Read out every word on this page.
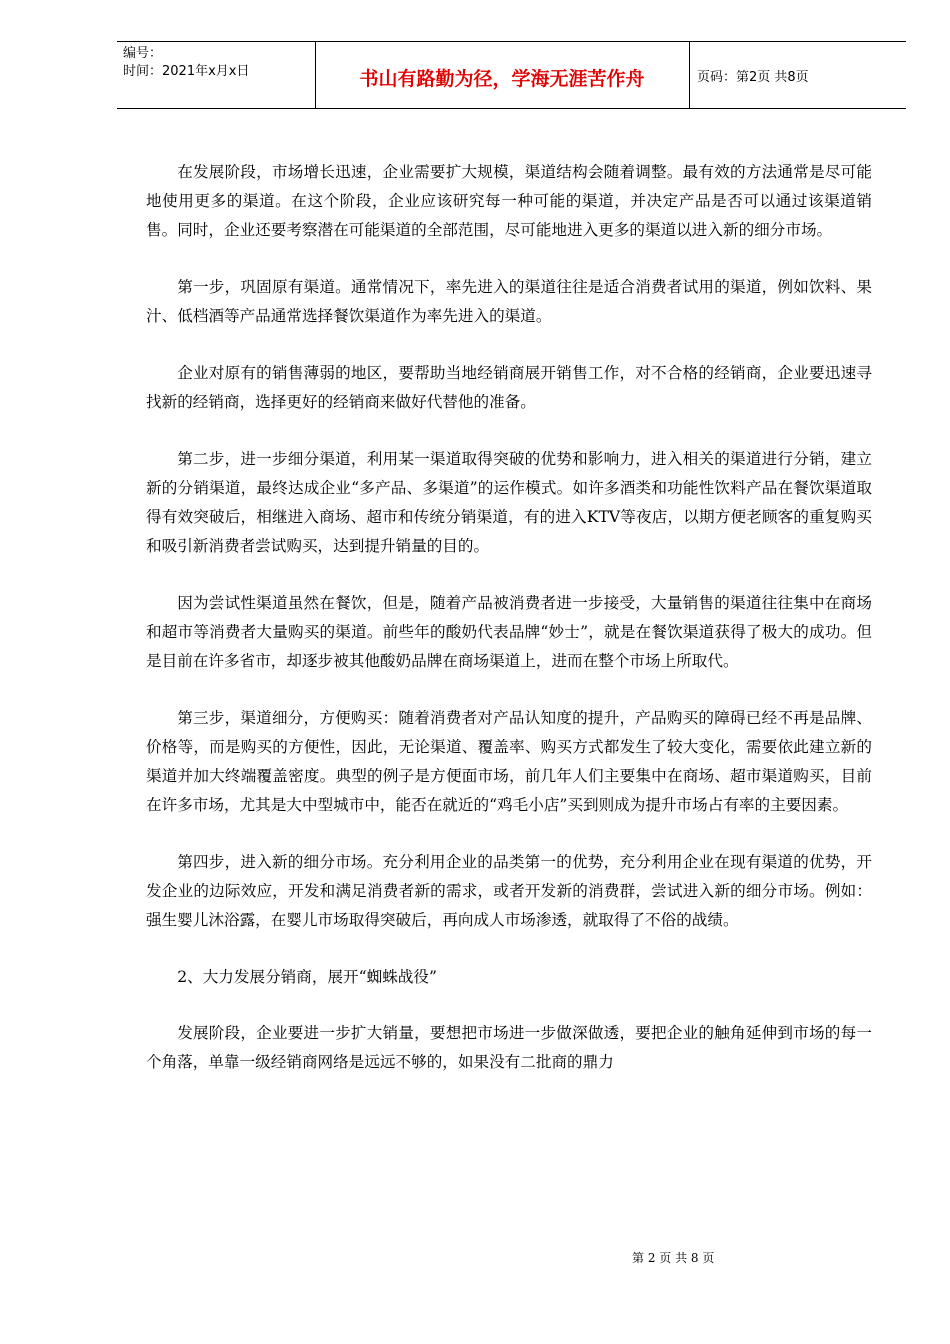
编号：
时间：2021年x月x日	书山有路勤为径，学海无涯苦作舟	页码：第2页 共8页

在发展阶段，市场增长迅速，企业需要扩大规模，渠道结构会随着调整。最有效的方法通常是尽可能地使用更多的渠道。在这个阶段，企业应该研究每一种可能的渠道，并决定产品是否可以通过该渠道销售。同时，企业还要考察潜在可能渠道的全部范围，尽可能地进入更多的渠道以进入新的细分市场。

第一步，巩固原有渠道。通常情况下，率先进入的渠道往往是适合消费者试用的渠道，例如饮料、果汁、低档酒等产品通常选择餐饮渠道作为率先进入的渠道。

企业对原有的销售薄弱的地区，要帮助当地经销商展开销售工作，对不合格的经销商，企业要迅速寻找新的经销商，选择更好的经销商来做好代替他的准备。

第二步，进一步细分渠道，利用某一渠道取得突破的优势和影响力，进入相关的渠道进行分销，建立新的分销渠道，最终达成企业“多产品、多渠道”的运作模式。如许多酒类和功能性饮料产品在餐饮渠道取得有效突破后，相继进入商场、超市和传统分销渠道，有的进入KTV等夜店，以期方便老顾客的重复购买和吸引新消费者尝试购买，达到提升销量的目的。

因为尝试性渠道虽然在餐饮，但是，随着产品被消费者进一步接受，大量销售的渠道往往集中在商场和超市等消费者大量购买的渠道。前些年的酸奶代表品牌“妙士”，就是在餐饮渠道获得了极大的成功。但是目前在许多省市，却逐步被其他酸奶品牌在商场渠道上，进而在整个市场上所取代。

第三步，渠道细分，方便购买：随着消费者对产品认知度的提升，产品购买的障碍已经不再是品牌、价格等，而是购买的方便性，因此，无论渠道、覆盖率、购买方式都发生了较大变化，需要依此建立新的渠道并加大终端覆盖密度。典型的例子是方便面市场，前几年人们主要集中在商场、超市渠道购买，目前在许多市场，尤其是大中型城市中，能否在就近的“鸡毛小店”买到则成为提升市场占有率的主要因素。

第四步，进入新的细分市场。充分利用企业的品类第一的优势，充分利用企业在现有渠道的优势，开发企业的边际效应，开发和满足消费者新的需求，或者开发新的消费群，尝试进入新的细分市场。例如：强生婴儿沐浴露，在婴儿市场取得突破后，再向成人市场渗透，就取得了不俗的战绩。

2、大力发展分销商，展开“蜘蛛战役”

发展阶段，企业要进一步扩大销量，要想把市场进一步做深做透，要把企业的触角延伸到市场的每一个角落，单靠一级经销商网络是远远不够的，如果没有二批商的鼎力

第 2 页 共 8 页
